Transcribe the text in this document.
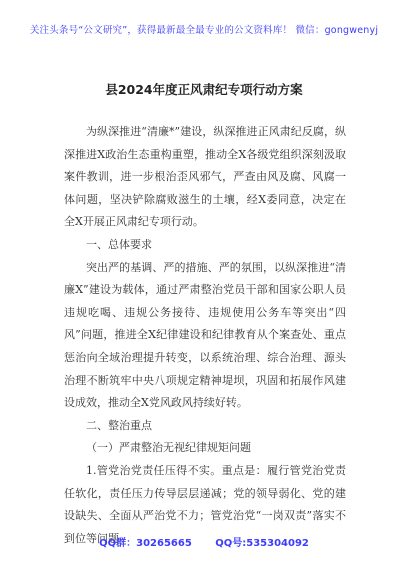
关注头条号“公文研究”，获得最新最全最专业的公文资料库！ 微信：gongwenyj
县2024年度正风肃纪专项行动方案

为纵深推进“清廉*”建设，纵深推进正风肃纪反腐，纵深推进X政治生态重构重塑，推动全X各级党组织深刻汲取案件教训，进一步根治歪风邪气，严查由风及腐、风腐一体问题，坚决铲除腐败滋生的土壤，经X委同意，决定在全X开展正风肃纪专项行动。

一、总体要求

突出严的基调、严的措施、严的氛围，以纵深推进“清廉X”建设为载体，通过严肃整治党员干部和国家公职人员违规吃喝、违规公务接待、违规使用公务车等突出“四风”问题，推进全X纪律建设和纪律教育从个案查处、重点惩治向全域治理提升转变，以系统治理、综合治理、源头治理不断筑牢中央八项规定精神堤坝，巩固和拓展作风建设成效，推动全X党风政风持续好转。

二、整治重点

（一）严肃整治无视纪律规矩问题

1.管党治党责任压得不实。重点是：履行管党治党责任软化，责任压力传导层层递减；党的领导弱化、党的建设缺失、全面从严治党不力；管党治党“一岗双责”落实不到位等问题。

QQ群：30265665 QQ号:535304092
